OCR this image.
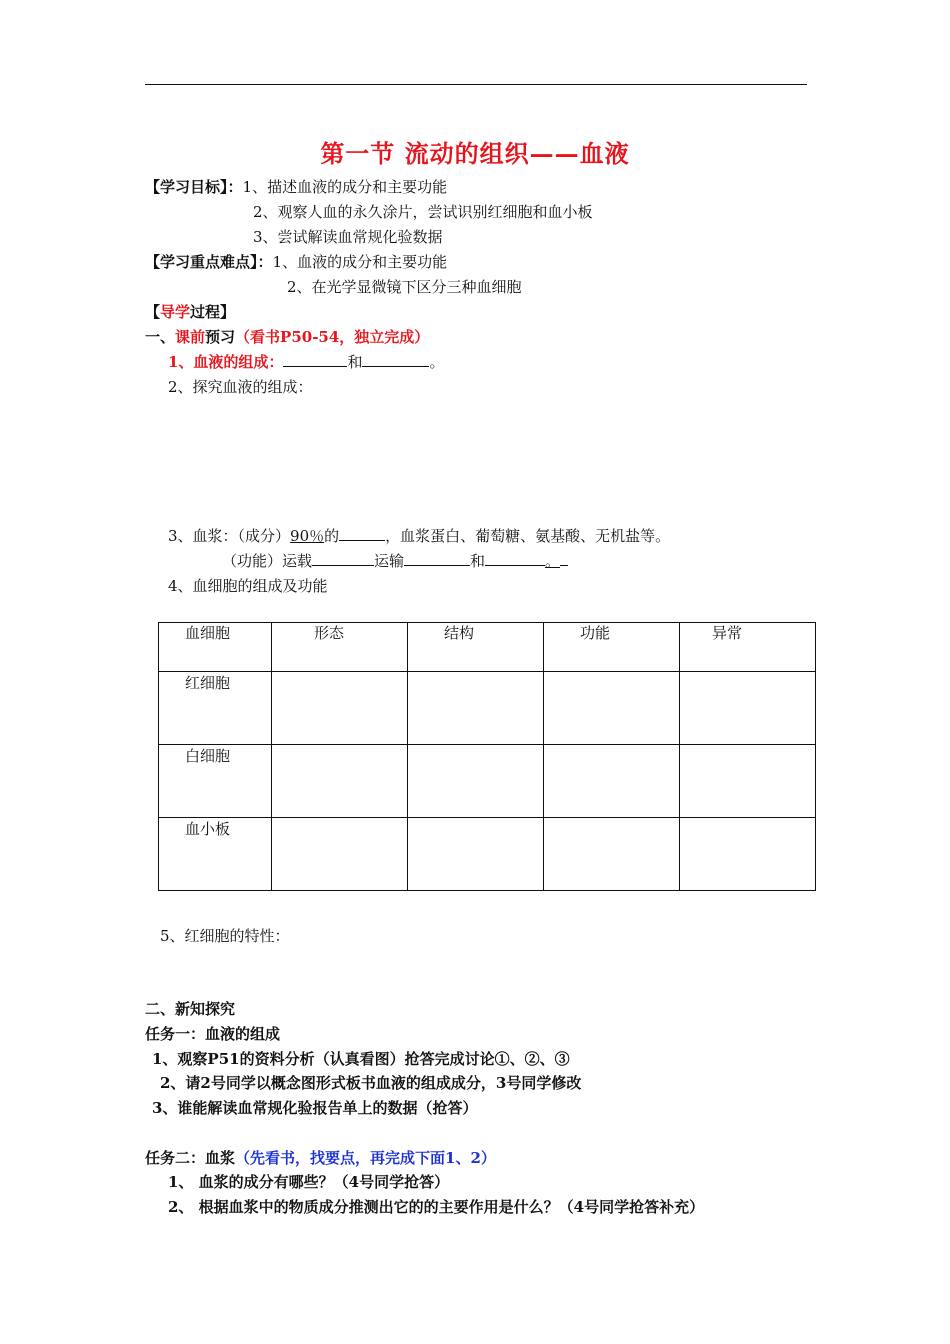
第一节 流动的组织——血液
【学习目标】：1、描述血液的成分和主要功能
2、观察人血的永久涂片，尝试识别红细胞和血小板
3、尝试解读血常规化验数据
【学习重点难点】：1、血液的成分和主要功能
2、在光学显微镜下区分三种血细胞
【导学过程】
一、课前预习（看书P50-54，独立完成）
1、血液的组成：	和	。
2、探究血液的组成：
3、血浆：（成分）90％的	，血浆蛋白、葡萄糖、氨基酸、无机盐等。
（功能）运载	运输	和	。
4、血细胞的组成及功能
血细胞	形态	结构	功能	异常

红细胞				

白细胞				

血小板				

5、红细胞的特性：
二、新知探究
任务一：血液的组成
1、观察P51的资料分析（认真看图）抢答完成讨论①、②、③
2、请2号同学以概念图形式板书血液的组成成分，3号同学修改
3、谁能解读血常规化验报告单上的数据（抢答）
任务二：血浆（先看书，找要点，再完成下面1、2）
1、 血浆的成分有哪些？（4号同学抢答）
2、 根据血浆中的物质成分推测出它的的主要作用是什么？（4号同学抢答补充）
